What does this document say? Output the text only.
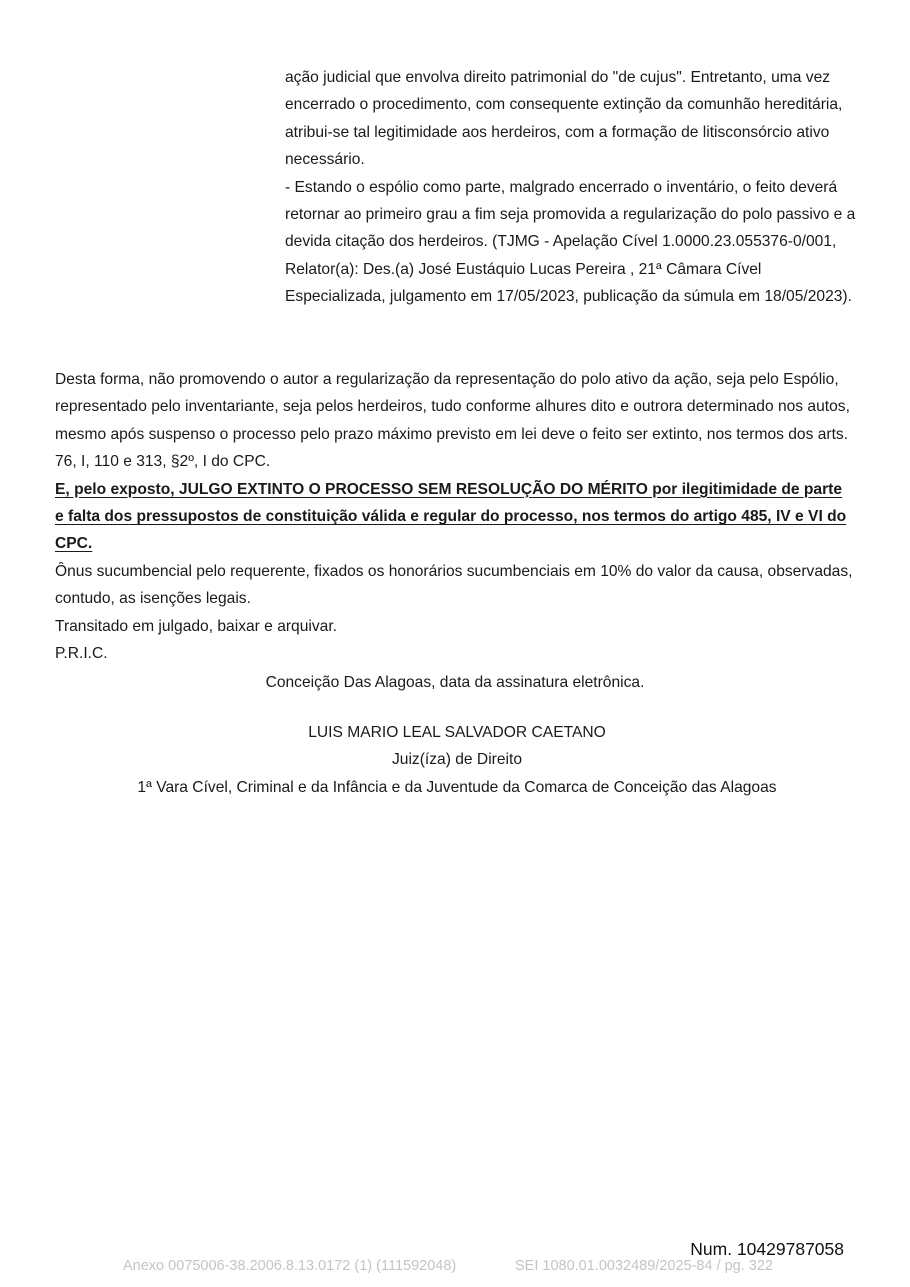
ação judicial que envolva direito patrimonial do "de cujus". Entretanto, uma vez encerrado o procedimento, com consequente extinção da comunhão hereditária, atribui-se tal legitimidade aos herdeiros, com a formação de litisconsórcio ativo necessário.

- Estando o espólio como parte, malgrado encerrado o inventário, o feito deverá retornar ao primeiro grau a fim seja promovida a regularização do polo passivo e a devida citação dos herdeiros. (TJMG - Apelação Cível 1.0000.23.055376-0/001, Relator(a): Des.(a) José Eustáquio Lucas Pereira , 21ª Câmara Cível Especializada, julgamento em 17/05/2023, publicação da súmula em 18/05/2023).

Desta forma, não promovendo o autor a regularização da representação do polo ativo da ação, seja pelo Espólio, representado pelo inventariante, seja pelos herdeiros, tudo conforme alhures dito e outrora determinado nos autos, mesmo após suspenso o processo pelo prazo máximo previsto em lei deve o feito ser extinto, nos termos dos arts. 76, I, 110 e 313, §2º, I do CPC.

E, pelo exposto, JULGO EXTINTO O PROCESSO SEM RESOLUÇÃO DO MÉRITO por ilegitimidade de parte e falta dos pressupostos de constituição válida e regular do processo, nos termos do artigo 485, IV e VI do CPC.

Ônus sucumbencial pelo requerente, fixados os honorários sucumbenciais em 10% do valor da causa, observadas, contudo, as isenções legais.

Transitado em julgado, baixar e arquivar.

P.R.I.C.

Conceição Das Alagoas, data da assinatura eletrônica.

LUIS MARIO LEAL SALVADOR CAETANO

Juiz(íza) de Direito

1ª Vara Cível, Criminal e da Infância e da Juventude da Comarca de Conceição das Alagoas

Num. 10429787058
Anexo 0075006-38.2006.8.13.0172 (1) (111592048)	SEI 1080.01.0032489/2025-84 / pg. 322
